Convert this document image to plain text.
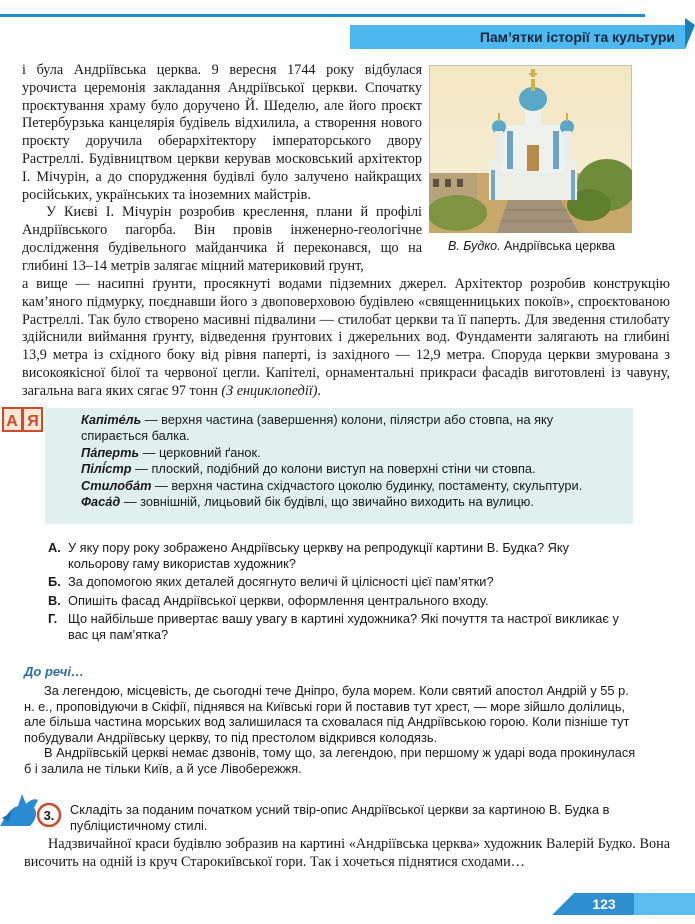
Пам’ятки історії та культури

і була Андріївська церква. 9 вересня 1744 року відбулася урочиста церемонія закладання Андріївської церкви. Спочатку проєктування храму було доручено Й. Шеделю, але його проєкт Петербурзька канцелярія будівель відхилила, а створення нового проєкту доручила оберархітектору імператорського двору Растреллі. Будівництвом церкви керував московський архітектор І. Мічурін, а до спорудження будівлі було залучено найкращих російських, українських та іноземних майстрів.

У Києві І. Мічурін розробив креслення, плани й профілі Андріївського пагорба. Він провів інженерно-геологічне дослідження будівельного майданчика й переконався, що на глибині 13–14 метрів залягає міцний материковий ґрунт,

В. Будко. Андріївська церква

а вище — насипні ґрунти, просякнуті водами підземних джерел. Архітектор розробив конструкцію кам’яного підмурку, поєднавши його з двоповерховою будівлею «священницьких покоїв», спроєктованою Растреллі. Так було створено масивні підвалини — стилобат церкви та її паперть. Для зведення стилобату здійснили виймання ґрунту, відведення ґрунтових і джерельних вод. Фундаменти залягають на глибині 13,9 метра із східного боку від рівня паперті, із західного — 12,9 метра. Споруда церкви змурована з високоякісної білої та червоної цегли. Капітелі, орнаментальні прикраси фасадів виготовлені із чавуну, загальна вага яких сягає 97 тонн (З енциклопедії).

А Я	Капіте́ль — верхня частина (завершення) колони, пілястри або стовпа, на яку спирається балка.

Па́перть — церковний ґанок.

Пілі́стр — плоский, подібний до колони виступ на поверхні стіни чи стовпа.

Стилоба́т — верхня частина східчастого цоколю будинку, постаменту, скульптури.

Фаса́д — зовнішній, лицьовий бік будівлі, що звичайно виходить на вулицю.

А. У яку пору року зображено Андріївську церкву на репродукції картини В. Будка? Яку кольорову гаму використав художник?
Б. За допомогою яких деталей досягнуто величі й цілісності цієї пам’ятки?
В. Опишіть фасад Андріївської церкви, оформлення центрального входу.
Г. Що найбільше привертає вашу увагу в картині художника? Які почуття та настрої викликає у вас ця пам’ятка?
До речі…

За легендою, місцевість, де сьогодні тече Дніпро, була морем. Коли святий апостол Андрій у 55 р. н. е., проповідуючи в Скіфії, піднявся на Київські гори й поставив тут хрест, — море зійшло долілиць, але більша частина морських вод залишилася та сховалася під Андріївською горою. Коли пізніше тут побудували Андріївську церкву, то під престолом відкрився колодязь.

В Андріївській церкві немає дзвонів, тому що, за легендою, при першому ж ударі вода прокинулася б і залила не тільки Київ, а й усе Лівобережжя.

3. Складіть за поданим початком усний твір-опис Андріївської церкви за картиною В. Будка в публіцистичному стилі.

Надзвичайної краси будівлю зобразив на картині «Андріївська церква» художник Валерій Будко. Вона височить на одній із круч Старокиївської гори. Так і хочеться піднятися сходами…

123
